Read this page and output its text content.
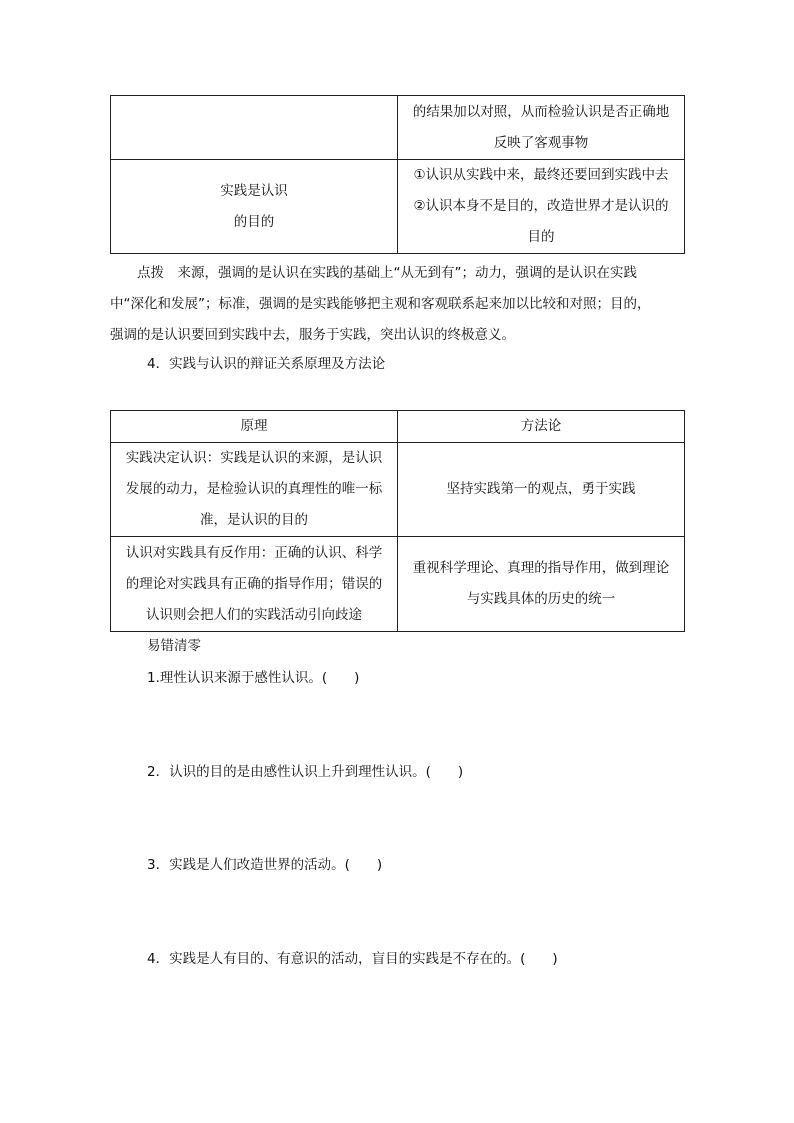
	的结果加以对照，从而检验认识是否正确地
反映了客观事物
实践是认识
的目的	①认识从实践中来，最终还要回到实践中去
②认识本身不是目的，改造世界才是认识的
目的
点拨　来源，强调的是认识在实践的基础上“从无到有”；动力，强调的是认识在实践
中“深化和发展”；标准，强调的是实践能够把主观和客观联系起来加以比较和对照；目的，
强调的是认识要回到实践中去，服务于实践，突出认识的终极意义。
4．实践与认识的辩证关系原理及方法论
原理	方法论
实践决定认识：实践是认识的来源，是认识
发展的动力，是检验认识的真理性的唯一标
准，是认识的目的	坚持实践第一的观点，勇于实践
认识对实践具有反作用：正确的认识、科学
的理论对实践具有正确的指导作用；错误的
认识则会把人们的实践活动引向歧途	重视科学理论、真理的指导作用，做到理论
与实践具体的历史的统一
易错清零
1.理性认识来源于感性认识。(　　)
2．认识的目的是由感性认识上升到理性认识。(　　)
3．实践是人们改造世界的活动。(　　)
4．实践是人有目的、有意识的活动，盲目的实践是不存在的。(　　)
